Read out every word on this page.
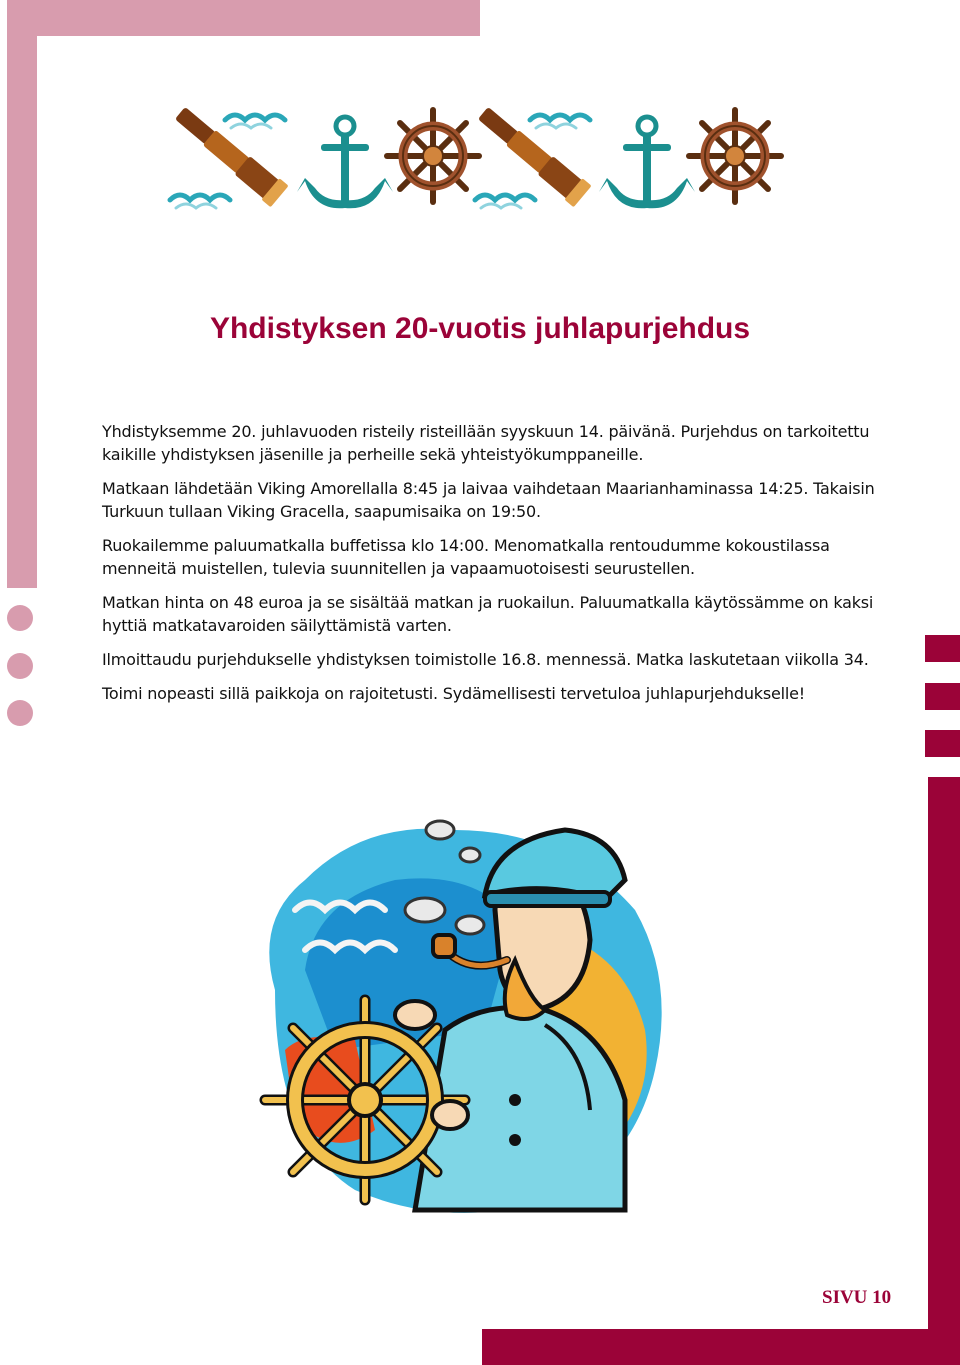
Yhdistyksen 20-vuotis juhlapurjehdus

Yhdistyksemme 20. juhlavuoden risteily risteillään syyskuun 14. päivänä. Purjehdus on tarkoitettu kaikille yhdistyksen jäsenille ja perheille sekä yhteistyökumppaneille.

Matkaan lähdetään Viking Amorellalla 8:45 ja laivaa vaihdetaan Maarianhaminassa 14:25. Takaisin Turkuun tullaan Viking Gracella, saapumisaika on 19:50.

Ruokailemme paluumatkalla buffetissa klo 14:00. Menomatkalla rentoudumme kokoustilassa menneitä muistellen, tulevia suunnitellen ja vapaamuotoisesti seurustellen.

Matkan hinta on 48 euroa ja se sisältää matkan ja ruokailun. Paluumatkalla käytössämme on kaksi hyttiä matkatavaroiden säilyttämistä varten.

Ilmoittaudu purjehdukselle yhdistyksen toimistolle 16.8. mennessä. Matka laskutetaan viikolla 34.

Toimi nopeasti sillä paikkoja on rajoitetusti. Sydämellisesti tervetuloa juhlapurjehdukselle!

SIVU 10
